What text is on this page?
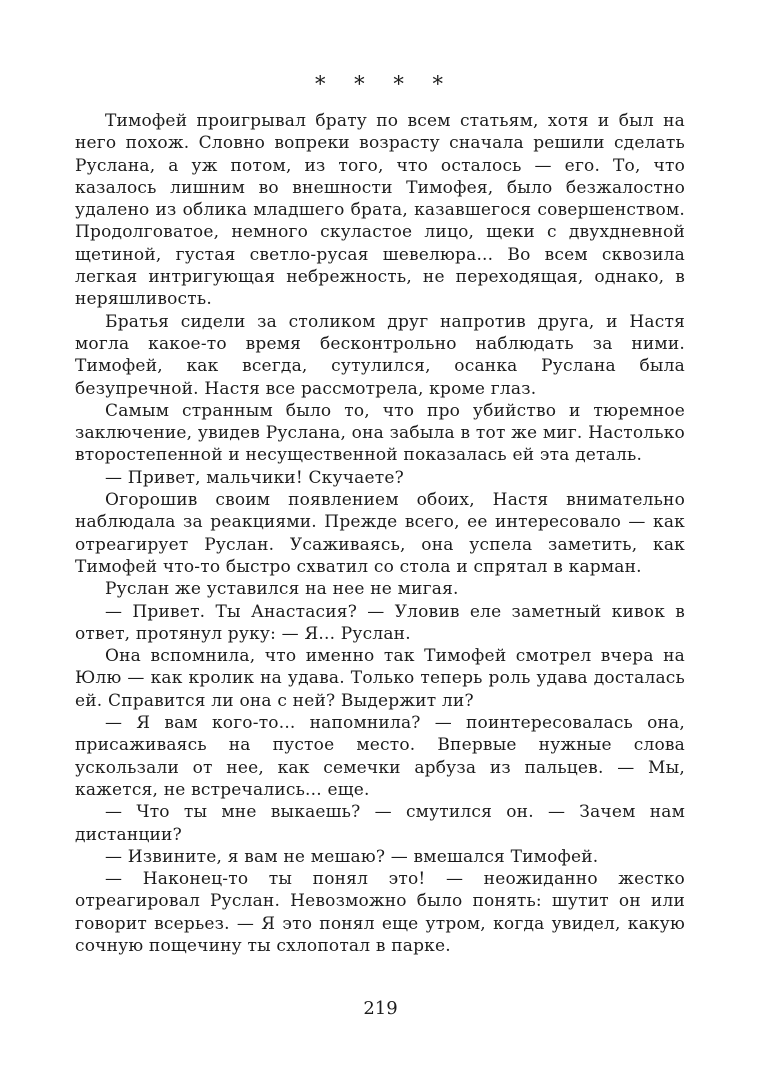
* * * *

Тимофей проигрывал брату по всем статьям, хотя и был на него похож. Словно вопреки возрасту сначала решили сделать Руслана, а уж потом, из того, что осталось — его. То, что казалось лишним во внешности Тимофея, было безжалостно удалено из облика младшего брата, казавшегося совершенством. Продолговатое, немного скуластое лицо, щеки с двухдневной щетиной, густая светло-русая шевелюра... Во всем сквозила легкая интригующая небрежность, не переходящая, однако, в неряшливость.

Братья сидели за столиком друг напротив друга, и Настя могла какое-то время бесконтрольно наблюдать за ними. Тимофей, как всегда, сутулился, осанка Руслана была безупречной. Настя все рассмотрела, кроме глаз.

Самым странным было то, что про убийство и тюремное заключение, увидев Руслана, она забыла в тот же миг. Настолько второстепенной и несущественной показалась ей эта деталь.

— Привет, мальчики! Скучаете?

Огорошив своим появлением обоих, Настя внимательно наблюдала за реакциями. Прежде всего, ее интересовало — как отреагирует Руслан. Усаживаясь, она успела заметить, как Тимофей что-то быстро схватил со стола и спрятал в карман.

Руслан же уставился на нее не мигая.

— Привет. Ты Анастасия? — Уловив еле заметный кивок в ответ, протянул руку: — Я... Руслан.

Она вспомнила, что именно так Тимофей смотрел вчера на Юлю — как кролик на удава. Только теперь роль удава досталась ей. Справится ли она с ней? Выдержит ли?

— Я вам кого-то... напомнила? — поинтересовалась она, присаживаясь на пустое место. Впервые нужные слова ускользали от нее, как семечки арбуза из пальцев. — Мы, кажется, не встречались... еще.

— Что ты мне выкаешь? — смутился он. — Зачем нам дистанции?

— Извините, я вам не мешаю? — вмешался Тимофей.

— Наконец-то ты понял это! — неожиданно жестко отреагировал Руслан. Невозможно было понять: шутит он или говорит всерьез. — Я это понял еще утром, когда увидел, какую сочную пощечину ты схлопотал в парке.

219
